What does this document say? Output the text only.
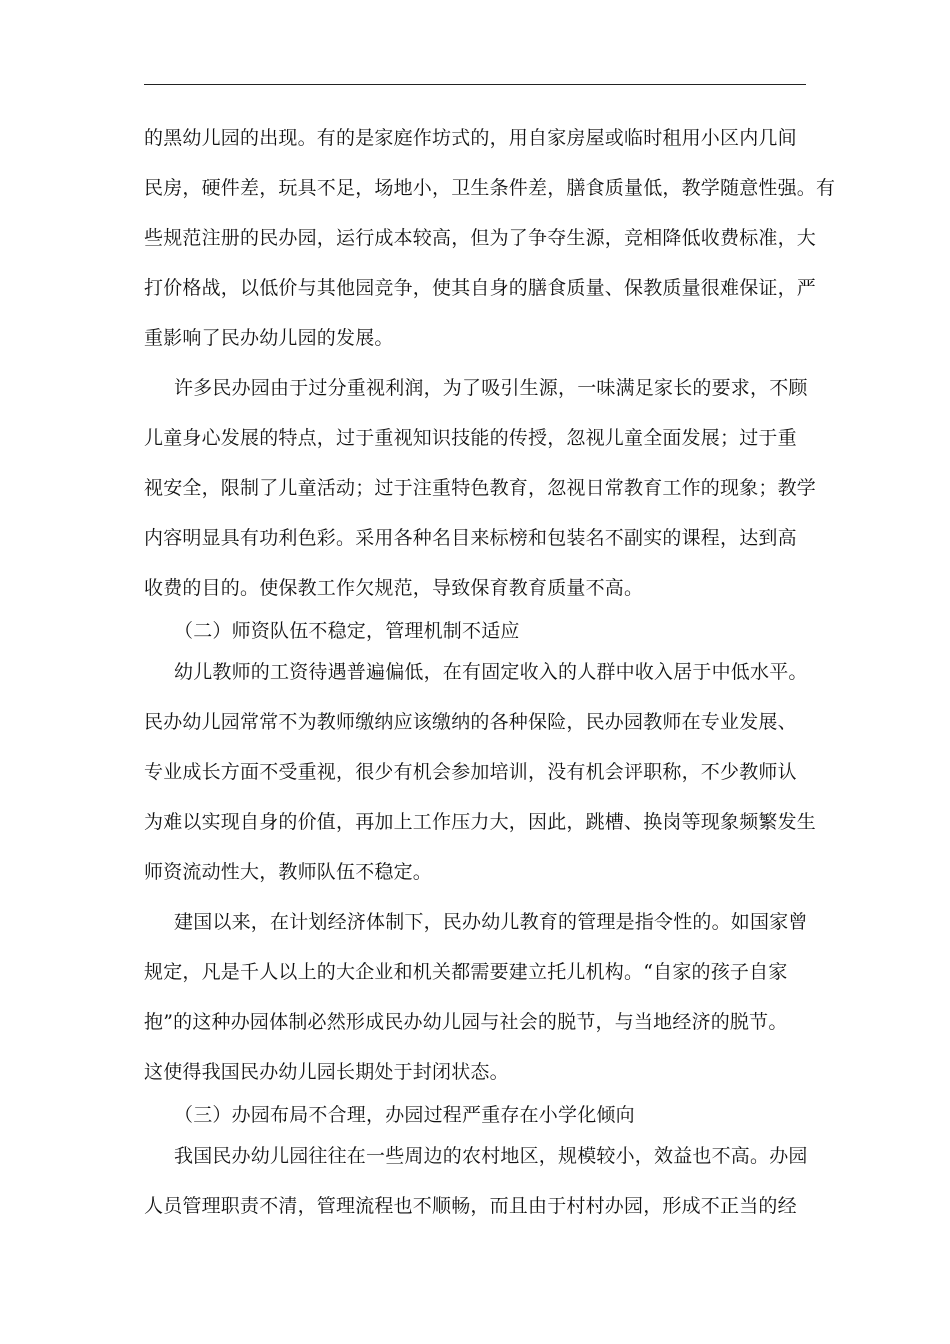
的黑幼儿园的出现。有的是家庭作坊式的，用自家房屋或临时租用小区内几间
民房，硬件差，玩具不足，场地小，卫生条件差，膳食质量低，教学随意性强。有
些规范注册的民办园，运行成本较高，但为了争夺生源，竞相降低收费标准，大
打价格战，以低价与其他园竞争，使其自身的膳食质量、保教质量很难保证，严
重影响了民办幼儿园的发展。
许多民办园由于过分重视利润，为了吸引生源，一味满足家长的要求，不顾
儿童身心发展的特点，过于重视知识技能的传授，忽视儿童全面发展；过于重
视安全，限制了儿童活动；过于注重特色教育，忽视日常教育工作的现象；教学
内容明显具有功利色彩。采用各种名目来标榜和包装名不副实的课程，达到高
收费的目的。使保教工作欠规范，导致保育教育质量不高。
（二）师资队伍不稳定，管理机制不适应
幼儿教师的工资待遇普遍偏低，在有固定收入的人群中收入居于中低水平。
民办幼儿园常常不为教师缴纳应该缴纳的各种保险，民办园教师在专业发展、
专业成长方面不受重视，很少有机会参加培训，没有机会评职称，不少教师认
为难以实现自身的价值，再加上工作压力大，因此，跳槽、换岗等现象频繁发生
师资流动性大，教师队伍不稳定。
建国以来，在计划经济体制下，民办幼儿教育的管理是指令性的。如国家曾
规定，凡是千人以上的大企业和机关都需要建立托儿机构。“自家的孩子自家
抱”的这种办园体制必然形成民办幼儿园与社会的脱节，与当地经济的脱节。
这使得我国民办幼儿园长期处于封闭状态。
（三）办园布局不合理，办园过程严重存在小学化倾向
我国民办幼儿园往往在一些周边的农村地区，规模较小，效益也不高。办园
人员管理职责不清，管理流程也不顺畅，而且由于村村办园，形成不正当的经
